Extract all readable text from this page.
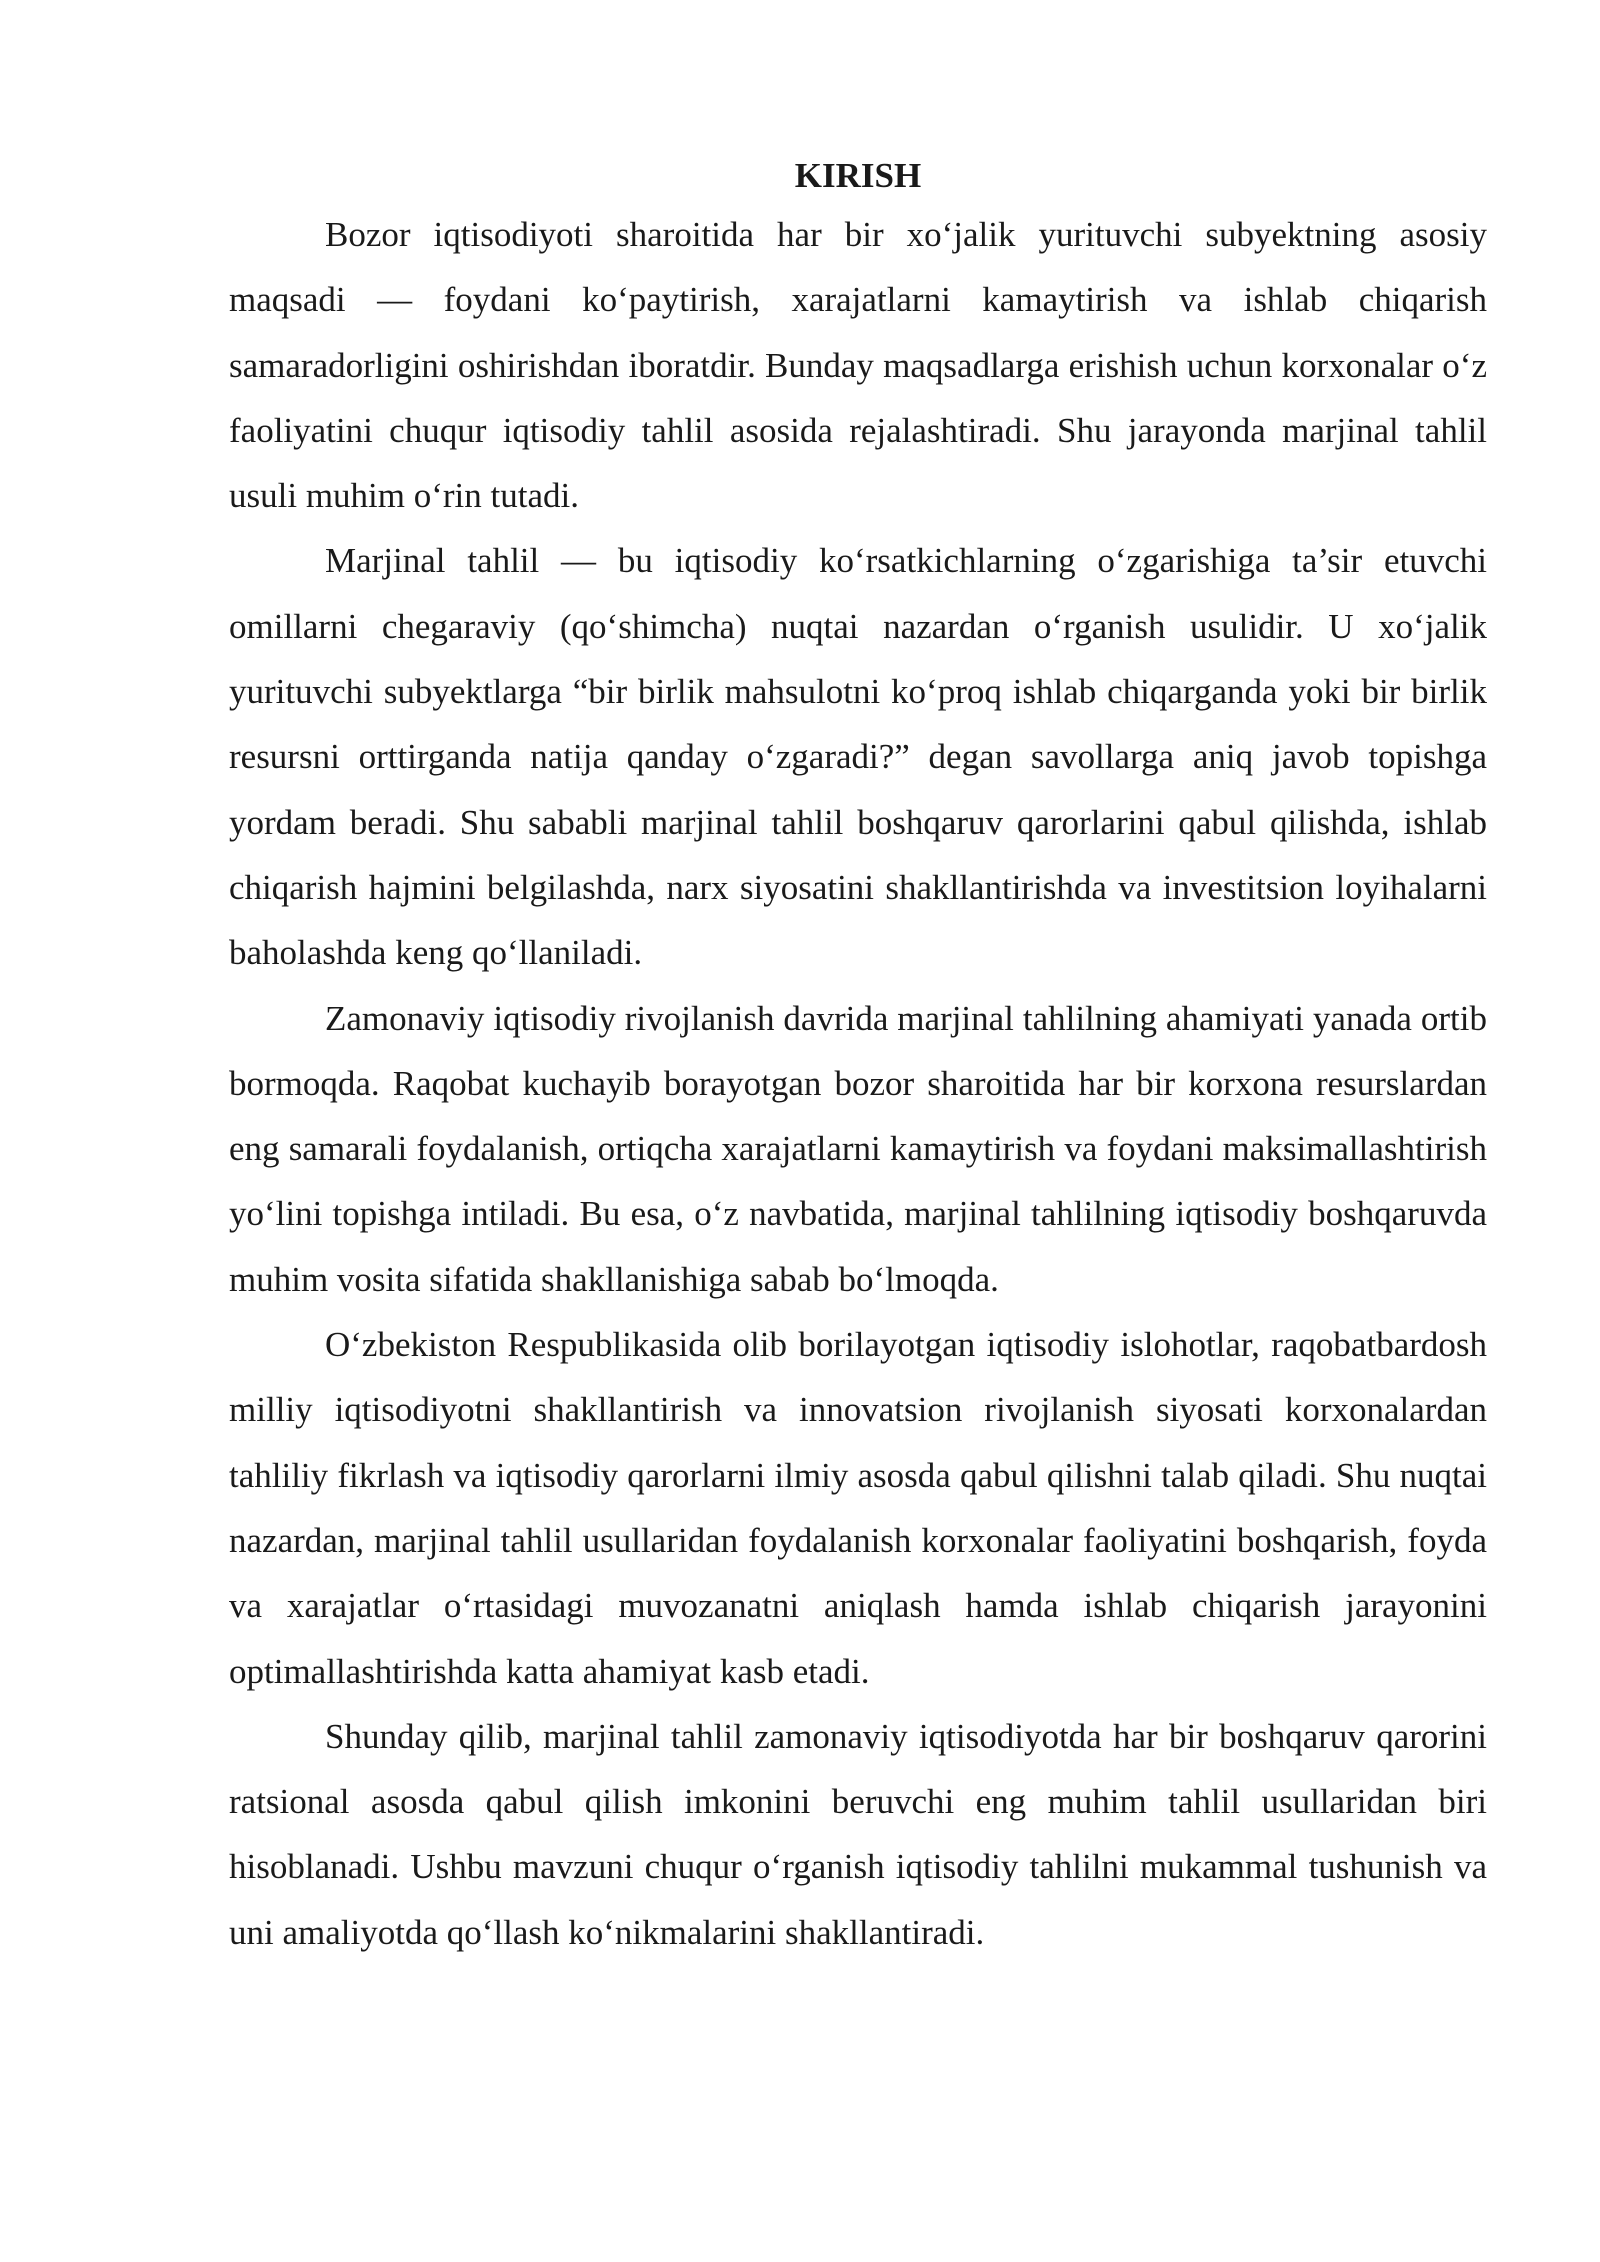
KIRISH

Bozor iqtisodiyoti sharoitida har bir xo‘jalik yurituvchi subyektning asosiy maqsadi — foydani ko‘paytirish, xarajatlarni kamaytirish va ishlab chiqarish samaradorligini oshirishdan iboratdir. Bunday maqsadlarga erishish uchun korxonalar o‘z faoliyatini chuqur iqtisodiy tahlil asosida rejalashtiradi. Shu jarayonda marjinal tahlil usuli muhim o‘rin tutadi.

Marjinal tahlil — bu iqtisodiy ko‘rsatkichlarning o‘zgarishiga ta’sir etuvchi omillarni chegaraviy (qo‘shimcha) nuqtai nazardan o‘rganish usulidir. U xo‘jalik yurituvchi subyektlarga “bir birlik mahsulotni ko‘proq ishlab chiqarganda yoki bir birlik resursni orttirganda natija qanday o‘zgaradi?” degan savollarga aniq javob topishga yordam beradi. Shu sababli marjinal tahlil boshqaruv qarorlarini qabul qilishda, ishlab chiqarish hajmini belgilashda, narx siyosatini shakllantirishda va investitsion loyihalarni baholashda keng qo‘llaniladi.

Zamonaviy iqtisodiy rivojlanish davrida marjinal tahlilning ahamiyati yanada ortib bormoqda. Raqobat kuchayib borayotgan bozor sharoitida har bir korxona resurslardan eng samarali foydalanish, ortiqcha xarajatlarni kamaytirish va foydani maksimallashtirish yo‘lini topishga intiladi. Bu esa, o‘z navbatida, marjinal tahlilning iqtisodiy boshqaruvda muhim vosita sifatida shakllanishiga sabab bo‘lmoqda.

O‘zbekiston Respublikasida olib borilayotgan iqtisodiy islohotlar, raqobatbardosh milliy iqtisodiyotni shakllantirish va innovatsion rivojlanish siyosati korxonalardan tahliliy fikrlash va iqtisodiy qarorlarni ilmiy asosda qabul qilishni talab qiladi. Shu nuqtai nazardan, marjinal tahlil usullaridan foydalanish korxonalar faoliyatini boshqarish, foyda va xarajatlar o‘rtasidagi muvozanatni aniqlash hamda ishlab chiqarish jarayonini optimallashtirishda katta ahamiyat kasb etadi.

Shunday qilib, marjinal tahlil zamonaviy iqtisodiyotda har bir boshqaruv qarorini ratsional asosda qabul qilish imkonini beruvchi eng muhim tahlil usullaridan biri hisoblanadi. Ushbu mavzuni chuqur o‘rganish iqtisodiy tahlilni mukammal tushunish va uni amaliyotda qo‘llash ko‘nikmalarini shakllantiradi.
